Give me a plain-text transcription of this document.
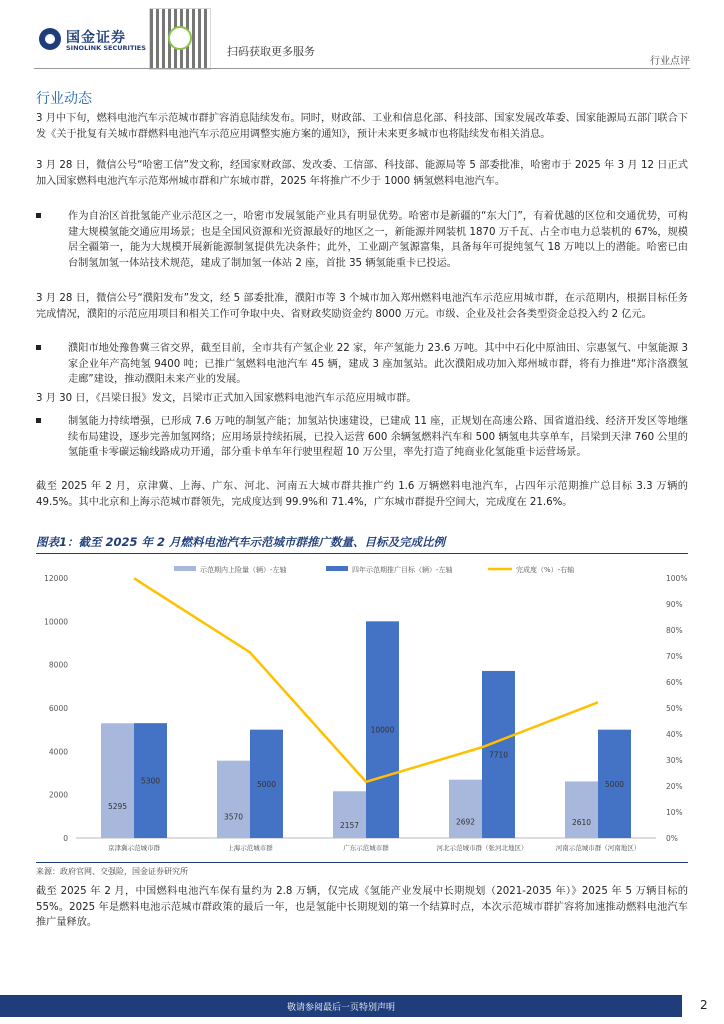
国金证券
SINOLINK SECURITIES	扫码获取更多服务
行业点评
行业动态
3 月中下旬，燃料电池汽车示范城市群扩容消息陆续发布。同时，财政部、工业和信息化部、科技部、国家发展改革委、国家能源局五部门联合下发《关于批复有关城市群燃料电池汽车示范应用调整实施方案的通知》，预计未来更多城市也将陆续发布相关消息。
3 月 28 日，微信公号“哈密工信”发文称，经国家财政部、发改委、工信部、科技部、能源局等 5 部委批准，哈密市于 2025 年 3 月 12 日正式加入国家燃料电池汽车示范郑州城市群和广东城市群，2025 年将推广不少于 1000 辆氢燃料电池汽车。
作为自治区首批氢能产业示范区之一，哈密市发展氢能产业具有明显优势。哈密市是新疆的“东大门”，有着优越的区位和交通优势，可构建大规模氢能交通应用场景；也是全国风资源和光资源最好的地区之一，新能源并网装机 1870 万千瓦、占全市电力总装机的 67%，规模居全疆第一，能为大规模开展新能源制氢提供先决条件；此外，工业副产氢源富集，具备每年可提纯氢气 18 万吨以上的潜能。哈密已由台制氢加氢一体站技术规范，建成了制加氢一体站 2 座，首批 35 辆氢能重卡已投运。
3 月 28 日，微信公号“濮阳发布”发文，经 5 部委批准，濮阳市等 3 个城市加入郑州燃料电池汽车示范应用城市群，在示范期内，根据目标任务完成情况，濮阳的示范应用项目和相关工作可争取中央、省财政奖励资金约 8000 万元。市级、企业及社会各类型资金总投入约 2 亿元。
濮阳市地处豫鲁冀三省交界，截至目前，全市共有产氢企业 22 家，年产氢能力 23.6 万吨。其中中石化中原油田、宗惠氢气、中氢能源 3 家企业年产高纯氢 9400 吨；已推广氢燃料电池汽车 45 辆，建成 3 座加氢站。此次濮阳成功加入郑州城市群，将有力推进“郑汴洛濮氢走廊”建设，推动濮阳未来产业的发展。
3 月 30 日，《吕梁日报》发文，吕梁市正式加入国家燃料电池汽车示范应用城市群。
制氢能力持续增强，已形成 7.6 万吨的制氢产能；加氢站快速建设，已建成 11 座，正规划在高速公路、国省道沿线、经济开发区等地继续布局建设，逐步完善加氢网络；应用场景持续拓展，已投入运营 600 余辆氢燃料汽车和 500 辆氢电共享单车，吕梁到天津 760 公里的氢能重卡零碳运输线路成功开通，部分重卡单车年行驶里程超 10 万公里，率先打造了纯商业化氢能重卡运营场景。
截至 2025 年 2 月，京津冀、上海、广东、河北、河南五大城市群共推广约 1.6 万辆燃料电池汽车，占四年示范期推广总目标 3.3 万辆的 49.5%。其中北京和上海示范城市群领先，完成度达到 99.9%和 71.4%，广东城市群提升空间大，完成度在 21.6%。
图表1：截至 2025 年 2 月燃料电池汽车示范城市群推广数量、目标及完成比例
示范期内上险量（辆）-左轴	四年示范期推广目标（辆）-左轴	完成度（%）-右轴
0
2000
4000
6000
8000
10000
12000
0%
10%
20%
30%
40%
50%
60%
70%
80%
90%
100%
5295
5300
3570
5000
2157
10000
2692
7710
2610
5000
京津冀示范城市群	上海示范城市群	广东示范城市群	河北示范城市群（张河北地区）	河南示范城市群（河南地区）
来源：政府官网、交强险，国金证券研究所
截至 2025 年 2 月，中国燃料电池汽车保有量约为 2.8 万辆，仅完成《氢能产业发展中长期规划（2021-2035 年）》2025 年 5 万辆目标的 55%。2025 年是燃料电池示范城市群政策的最后一年，也是氢能中长期规划的第一个结算时点，本次示范城市群扩容将加速推动燃料电池汽车推广量释放。
敬请参阅最后一页特别声明	2
